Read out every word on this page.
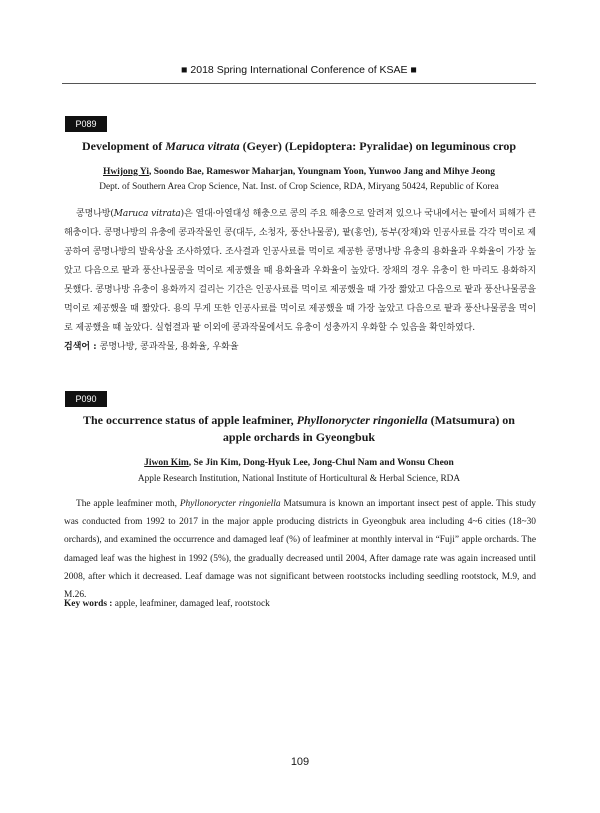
■ 2018 Spring International Conference of KSAE ■
P089
Development of Maruca vitrata (Geyer) (Lepidoptera: Pyralidae) on leguminous crop
Hwijong Yi, Soondo Bae, Rameswor Maharjan, Youngnam Yoon, Yunwoo Jang and Mihye Jeong
Dept. of Southern Area Crop Science, Nat. Inst. of Crop Science, RDA, Miryang 50424, Republic of Korea
콩명나방(Maruca vitrata)은 열대·아열대성 해충으로 콩의 주요 해충으로 알려져 있으나 국내에서는 팥에서 피해가 큰 해충이다. 콩명나방의 유충에 콩과작물인 콩(대두, 소청자, 풍산나물콩), 팥(홍언), 동부(장채)와 인공사료를 각각 먹이로 제공하여 콩명나방의 발육상을 조사하였다. 조사결과 인공사료를 먹이로 제공한 콩명나방 유충의 용화율과 우화율이 가장 높았고 다음으로 팥과 풍산나물콩을 먹이로 제공했을 때 용화율과 우화율이 높았다. 장채의 경우 유충이 한 마리도 용화하지 못했다. 콩명나방 유충이 용화까지 걸리는 기간은 인공사료를 먹이로 제공했을 때 가장 짧았고 다음으로 팥과 풍산나물콩을 먹이로 제공했을 때 짧았다. 용의 무게 또한 인공사료를 먹이로 제공했을 때 가장 높았고 다음으로 팥과 풍산나물콩을 먹이로 제공했을 때 높았다. 실험결과 팥 이외에 콩과작물에서도 유충이 성충까지 우화할 수 있음을 확인하였다.
검색어 : 콩명나방, 콩과작물, 용화율, 우화율
P090
The occurrence status of apple leafminer, Phyllonorycter ringoniella (Matsumura) on apple orchards in Gyeongbuk
Jiwon Kim, Se Jin Kim, Dong-Hyuk Lee, Jong-Chul Nam and Wonsu Cheon
Apple Research Institution, National Institute of Horticultural & Herbal Science, RDA
The apple leafminer moth, Phyllonorycter ringoniella Matsumura is known an important insect pest of apple. This study was conducted from 1992 to 2017 in the major apple producing districts in Gyeongbuk area including 4~6 cities (18~30 orchards), and examined the occurrence and damaged leaf (%) of leafminer at monthly interval in “Fuji” apple orchards. The damaged leaf was the highest in 1992 (5%), the gradually decreased until 2004, After damage rate was again increased until 2008, after which it decreased. Leaf damage was not significant between rootstocks including seedling rootstock, M.9, and M.26.
Key words : apple, leafminer, damaged leaf, rootstock
109
